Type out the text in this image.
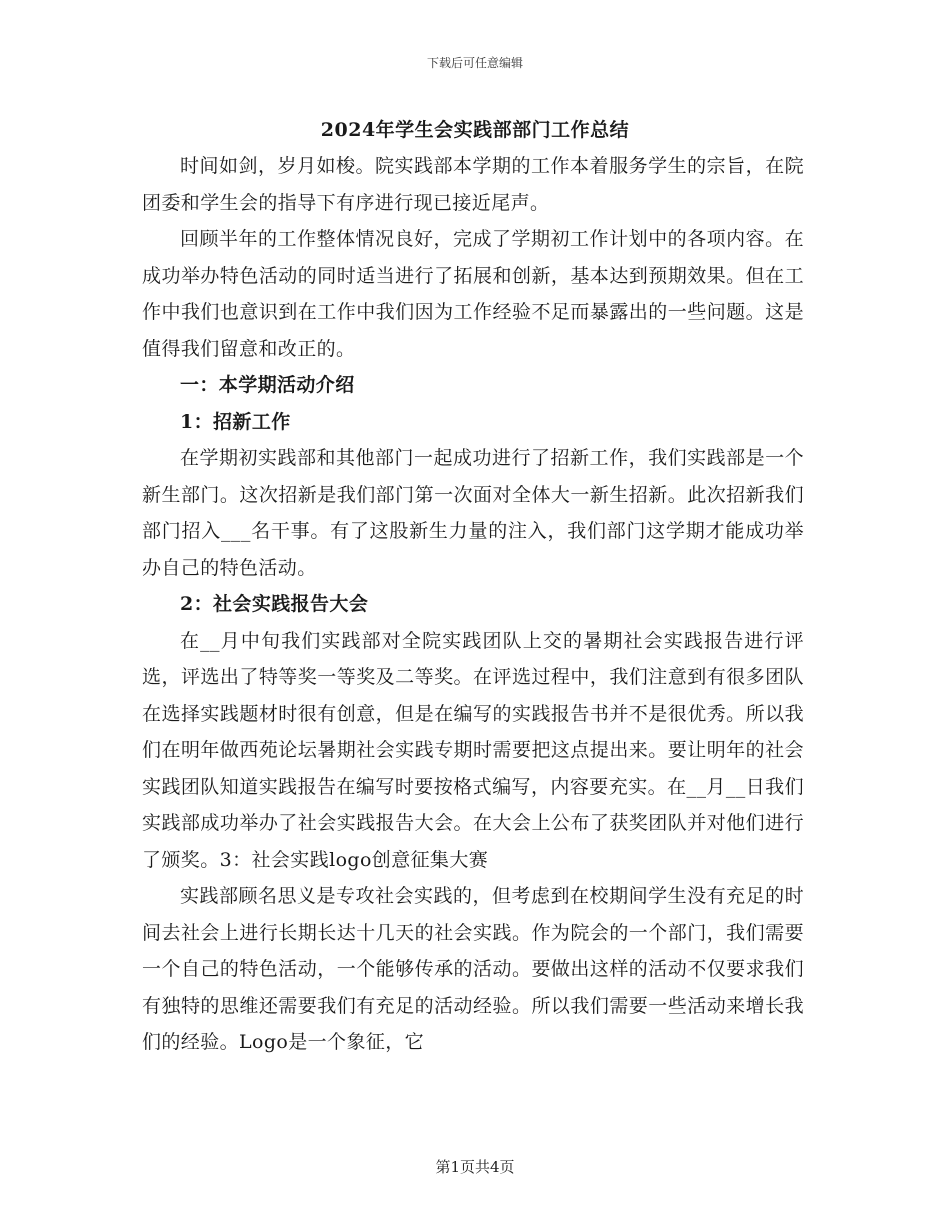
下载后可任意编辑
2024年学生会实践部部门工作总结

时间如剑，岁月如梭。院实践部本学期的工作本着服务学生的宗旨，在院团委和学生会的指导下有序进行现已接近尾声。

回顾半年的工作整体情况良好，完成了学期初工作计划中的各项内容。在成功举办特色活动的同时适当进行了拓展和创新，基本达到预期效果。但在工作中我们也意识到在工作中我们因为工作经验不足而暴露出的一些问题。这是值得我们留意和改正的。

一：本学期活动介绍

1：招新工作

在学期初实践部和其他部门一起成功进行了招新工作，我们实践部是一个新生部门。这次招新是我们部门第一次面对全体大一新生招新。此次招新我们部门招入___名干事。有了这股新生力量的注入，我们部门这学期才能成功举办自己的特色活动。

2：社会实践报告大会

在__月中旬我们实践部对全院实践团队上交的暑期社会实践报告进行评选，评选出了特等奖一等奖及二等奖。在评选过程中，我们注意到有很多团队在选择实践题材时很有创意，但是在编写的实践报告书并不是很优秀。所以我们在明年做西苑论坛暑期社会实践专期时需要把这点提出来。要让明年的社会实践团队知道实践报告在编写时要按格式编写，内容要充实。在__月__日我们实践部成功举办了社会实践报告大会。在大会上公布了获奖团队并对他们进行了颁奖。3：社会实践logo创意征集大赛

实践部顾名思义是专攻社会实践的，但考虑到在校期间学生没有充足的时间去社会上进行长期长达十几天的社会实践。作为院会的一个部门，我们需要一个自己的特色活动，一个能够传承的活动。要做出这样的活动不仅要求我们有独特的思维还需要我们有充足的活动经验。所以我们需要一些活动来增长我们的经验。Logo是一个象征，它

第1页共4页
